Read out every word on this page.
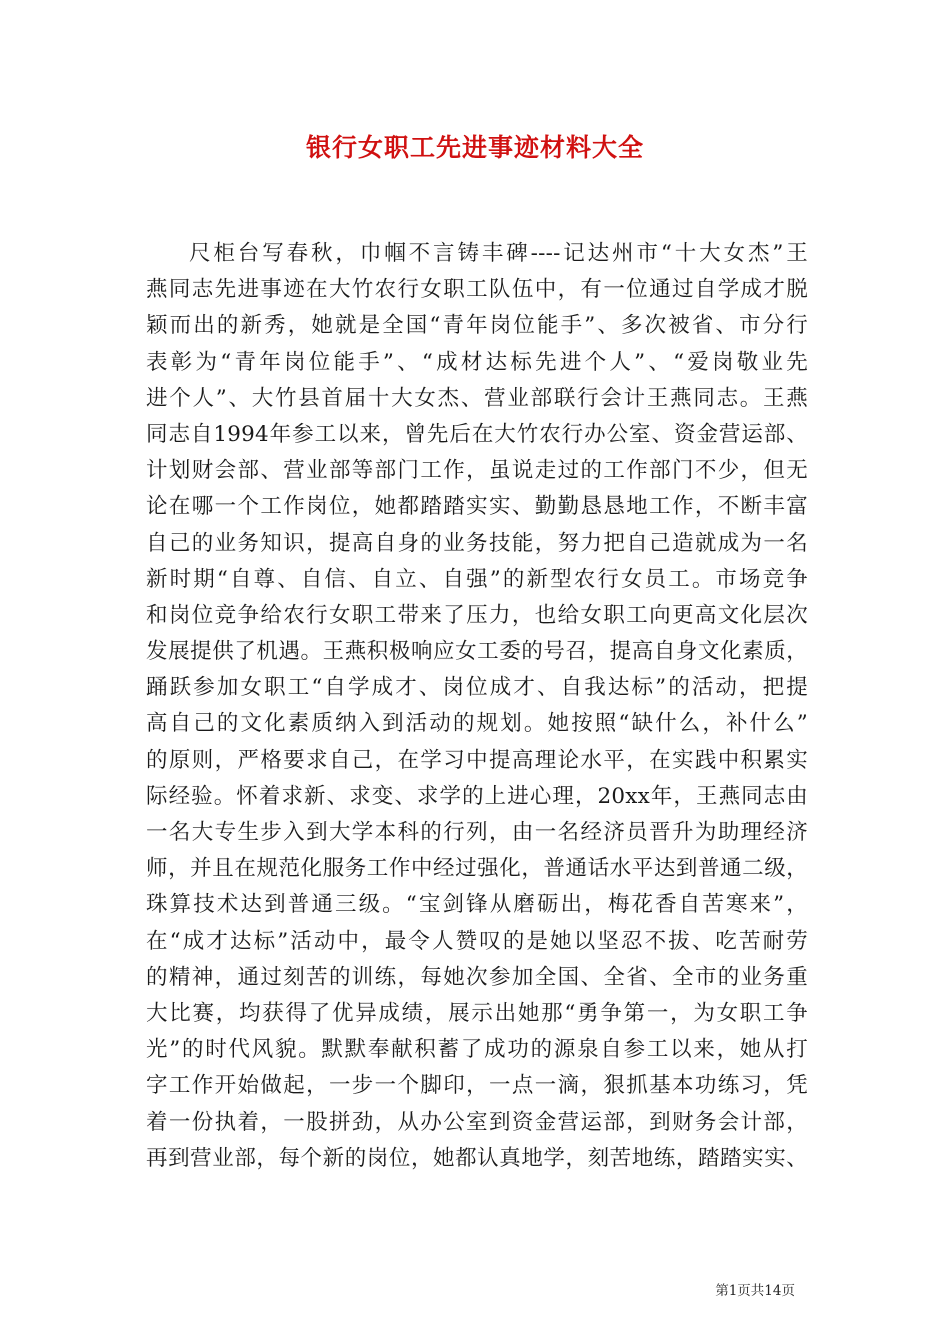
银行女职工先进事迹材料大全
尺柜台写春秋，巾帼不言铸丰碑----记达州市“十大女杰”王
燕同志先进事迹在大竹农行女职工队伍中，有一位通过自学成才脱
颖而出的新秀，她就是全国“青年岗位能手”、多次被省、市分行
表彰为“青年岗位能手”、“成材达标先进个人”、“爱岗敬业先
进个人”、大竹县首届十大女杰、营业部联行会计王燕同志。王燕
同志自1994年参工以来，曾先后在大竹农行办公室、资金营运部、
计划财会部、营业部等部门工作，虽说走过的工作部门不少，但无
论在哪一个工作岗位，她都踏踏实实、勤勤恳恳地工作，不断丰富
自己的业务知识，提高自身的业务技能，努力把自己造就成为一名
新时期“自尊、自信、自立、自强”的新型农行女员工。市场竞争
和岗位竞争给农行女职工带来了压力，也给女职工向更高文化层次
发展提供了机遇。王燕积极响应女工委的号召，提高自身文化素质，
踊跃参加女职工“自学成才、岗位成才、自我达标”的活动，把提
高自己的文化素质纳入到活动的规划。她按照“缺什么，补什么”
的原则，严格要求自己，在学习中提高理论水平，在实践中积累实
际经验。怀着求新、求变、求学的上进心理，20xx年，王燕同志由
一名大专生步入到大学本科的行列，由一名经济员晋升为助理经济
师，并且在规范化服务工作中经过强化，普通话水平达到普通二级，
珠算技术达到普通三级。“宝剑锋从磨砺出，梅花香自苦寒来”，
在“成才达标”活动中，最令人赞叹的是她以坚忍不拔、吃苦耐劳
的精神，通过刻苦的训练，每她次参加全国、全省、全市的业务重
大比赛，均获得了优异成绩，展示出她那“勇争第一，为女职工争
光”的时代风貌。默默奉献积蓄了成功的源泉自参工以来，她从打
字工作开始做起，一步一个脚印，一点一滴，狠抓基本功练习，凭
着一份执着，一股拼劲，从办公室到资金营运部，到财务会计部，
再到营业部，每个新的岗位，她都认真地学，刻苦地练，踏踏实实、
第1页共14页
